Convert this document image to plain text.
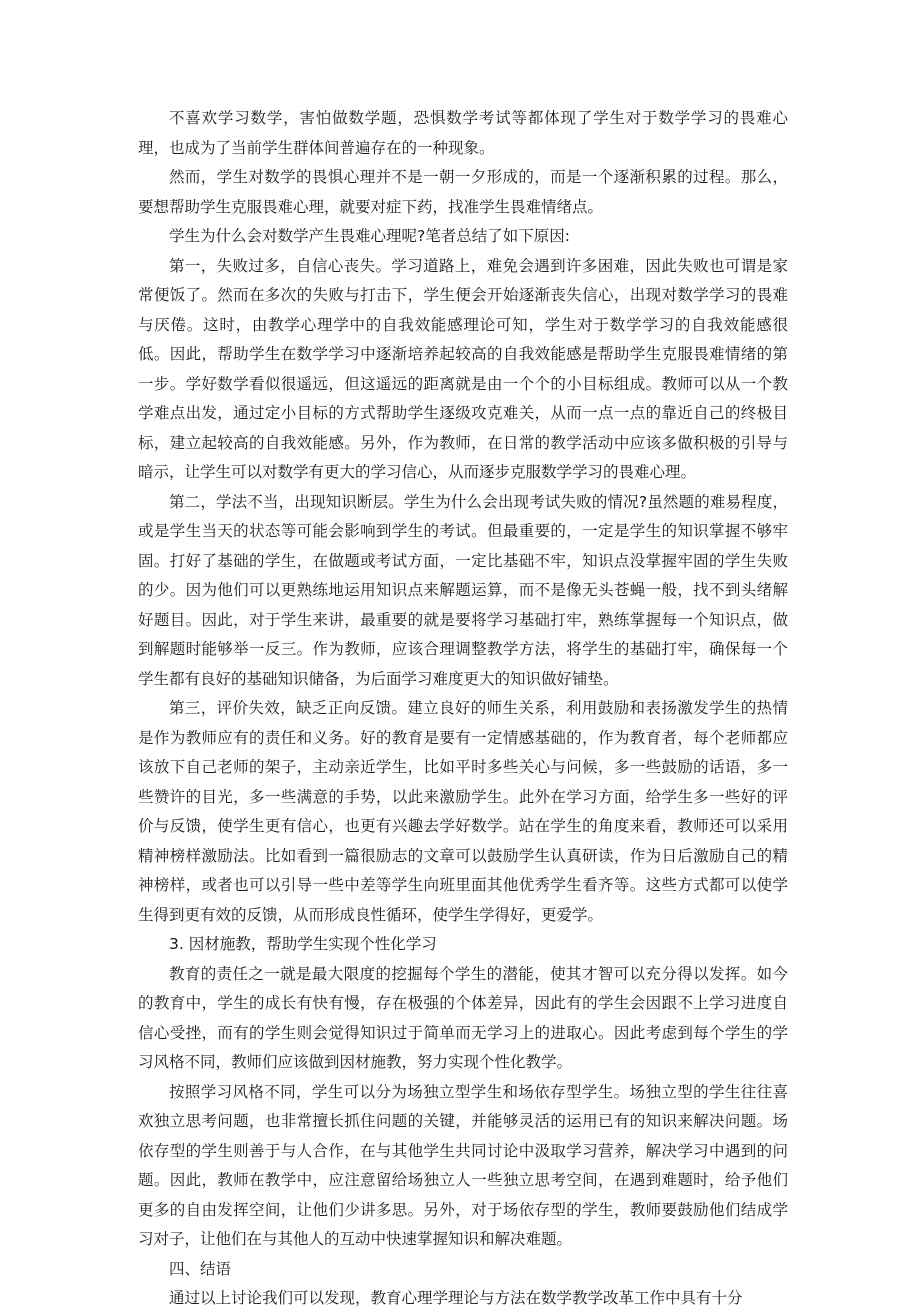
不喜欢学习数学，害怕做数学题，恐惧数学考试等都体现了学生对于数学学习的畏难心理，也成为了当前学生群体间普遍存在的一种现象。

然而，学生对数学的畏惧心理并不是一朝一夕形成的，而是一个逐渐积累的过程。那么，要想帮助学生克服畏难心理，就要对症下药，找准学生畏难情绪点。

学生为什么会对数学产生畏难心理呢?笔者总结了如下原因:

第一，失败过多，自信心丧失。学习道路上，难免会遇到许多困难，因此失败也可谓是家常便饭了。然而在多次的失败与打击下，学生便会开始逐渐丧失信心，出现对数学学习的畏难与厌倦。这时，由教学心理学中的自我效能感理论可知，学生对于数学学习的自我效能感很低。因此，帮助学生在数学学习中逐渐培养起较高的自我效能感是帮助学生克服畏难情绪的第一步。学好数学看似很遥远，但这遥远的距离就是由一个个的小目标组成。教师可以从一个教学难点出发，通过定小目标的方式帮助学生逐级攻克难关，从而一点一点的靠近自己的终极目标，建立起较高的自我效能感。另外，作为教师，在日常的教学活动中应该多做积极的引导与暗示，让学生可以对数学有更大的学习信心，从而逐步克服数学学习的畏难心理。

第二，学法不当，出现知识断层。学生为什么会出现考试失败的情况?虽然题的难易程度，或是学生当天的状态等可能会影响到学生的考试。但最重要的，一定是学生的知识掌握不够牢固。打好了基础的学生，在做题或考试方面，一定比基础不牢，知识点没掌握牢固的学生失败的少。因为他们可以更熟练地运用知识点来解题运算，而不是像无头苍蝇一般，找不到头绪解好题目。因此，对于学生来讲，最重要的就是要将学习基础打牢，熟练掌握每一个知识点，做到解题时能够举一反三。作为教师，应该合理调整教学方法，将学生的基础打牢，确保每一个学生都有良好的基础知识储备，为后面学习难度更大的知识做好铺垫。

第三，评价失效，缺乏正向反馈。建立良好的师生关系，利用鼓励和表扬激发学生的热情是作为教师应有的责任和义务。好的教育是要有一定情感基础的，作为教育者，每个老师都应该放下自己老师的架子，主动亲近学生，比如平时多些关心与问候，多一些鼓励的话语，多一些赞许的目光，多一些满意的手势，以此来激励学生。此外在学习方面，给学生多一些好的评价与反馈，使学生更有信心，也更有兴趣去学好数学。站在学生的角度来看，教师还可以采用精神榜样激励法。比如看到一篇很励志的文章可以鼓励学生认真研读，作为日后激励自己的精神榜样，或者也可以引导一些中差等学生向班里面其他优秀学生看齐等。这些方式都可以使学生得到更有效的反馈，从而形成良性循环，使学生学得好，更爱学。

3. 因材施教，帮助学生实现个性化学习

教育的责任之一就是最大限度的挖掘每个学生的潜能，使其才智可以充分得以发挥。如今的教育中，学生的成长有快有慢，存在极强的个体差异，因此有的学生会因跟不上学习进度自信心受挫，而有的学生则会觉得知识过于简单而无学习上的进取心。因此考虑到每个学生的学习风格不同，教师们应该做到因材施教，努力实现个性化教学。

按照学习风格不同，学生可以分为场独立型学生和场依存型学生。场独立型的学生往往喜欢独立思考问题，也非常擅长抓住问题的关键，并能够灵活的运用已有的知识来解决问题。场依存型的学生则善于与人合作，在与其他学生共同讨论中汲取学习营养，解决学习中遇到的问题。因此，教师在教学中，应注意留给场独立人一些独立思考空间，在遇到难题时，给予他们更多的自由发挥空间，让他们少讲多思。另外，对于场依存型的学生，教师要鼓励他们结成学习对子，让他们在与其他人的互动中快速掌握知识和解决难题。

四、结语

通过以上讨论我们可以发现，教育心理学理论与方法在数学教学改革工作中具有十分
